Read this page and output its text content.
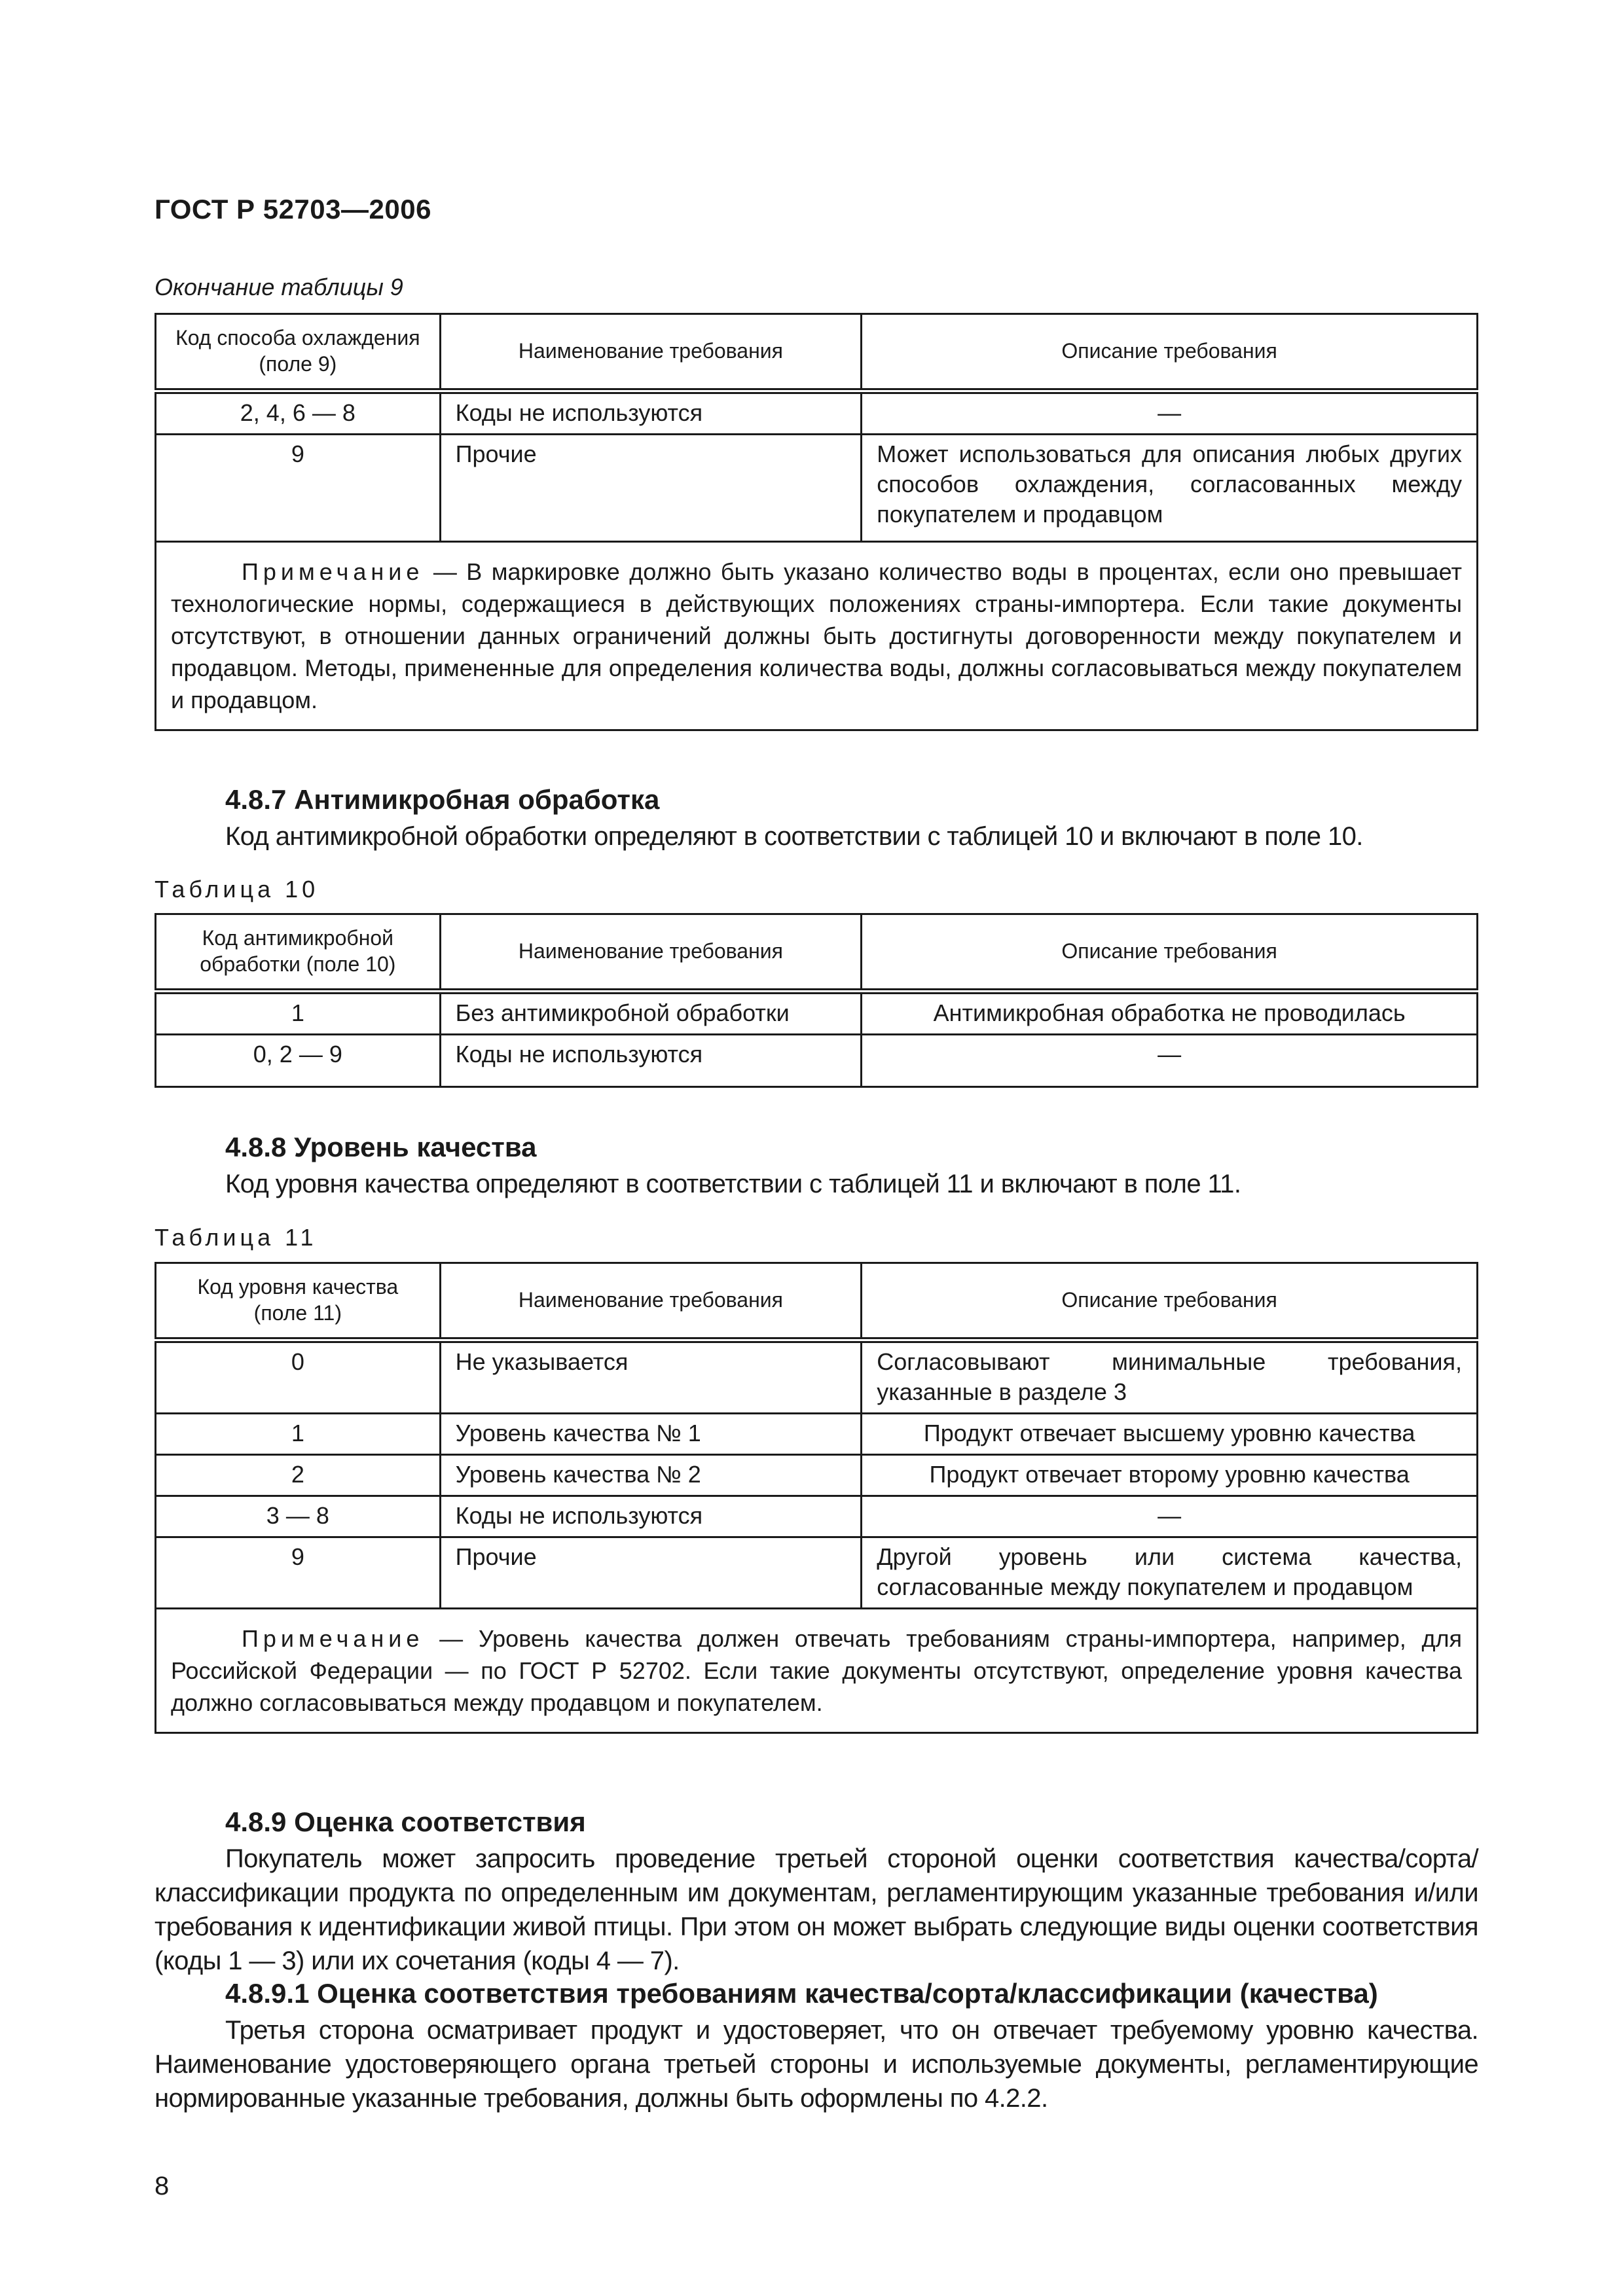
ГОСТ Р 52703—2006
Окончание таблицы 9
Код способа охлаждения (поле 9)	Наименование требования	Описание требования
2, 4, 6 — 8	Коды не используются	—
9	Прочие	Может использоваться для описания любых других способов охлаждения, согласованных между покупателем и продавцом
Примечание — В маркировке должно быть указано количество воды в процентах, если оно превышает технологические нормы, содержащиеся в действующих положениях страны-импортера. Если такие документы отсутствуют, в отношении данных ограничений должны быть достигнуты договоренности между покупателем и продавцом. Методы, примененные для определения количества воды, должны согласовываться между покупателем и продавцом.		
4.8.7 Антимикробная обработка
Код антимикробной обработки определяют в соответствии с таблицей 10 и включают в поле 10.
Таблица 10
Код антимикробной обработки (поле 10)	Наименование требования	Описание требования
1	Без антимикробной обработки	Антимикробная обработка не проводилась
0, 2 — 9	Коды не используются	—
4.8.8 Уровень качества
Код уровня качества определяют в соответствии с таблицей 11 и включают в поле 11.
Таблица 11
Код уровня качества (поле 11)	Наименование требования	Описание требования
0	Не указывается	Согласовывают минимальные требования, указанные в разделе 3
1	Уровень качества № 1	Продукт отвечает высшему уровню качества
2	Уровень качества № 2	Продукт отвечает второму уровню качества
3 — 8	Коды не используются	—
9	Прочие	Другой уровень или система качества, согласованные между покупателем и продавцом
Примечание — Уровень качества должен отвечать требованиям страны-импортера, например, для Российской Федерации — по ГОСТ Р 52702. Если такие документы отсутствуют, определение уровня качества должно согласовываться между продавцом и покупателем.		
4.8.9 Оценка соответствия
Покупатель может запросить проведение третьей стороной оценки соответствия качества/сорта/классификации продукта по определенным им документам, регламентирующим указанные требования и/или требования к идентификации живой птицы. При этом он может выбрать следующие виды оценки соответствия (коды 1 — 3) или их сочетания (коды 4 — 7).
4.8.9.1 Оценка соответствия требованиям качества/сорта/классификации (качества)
Третья сторона осматривает продукт и удостоверяет, что он отвечает требуемому уровню качества. Наименование удостоверяющего органа третьей стороны и используемые документы, регламентирующие нормированные указанные требования, должны быть оформлены по 4.2.2.
8
